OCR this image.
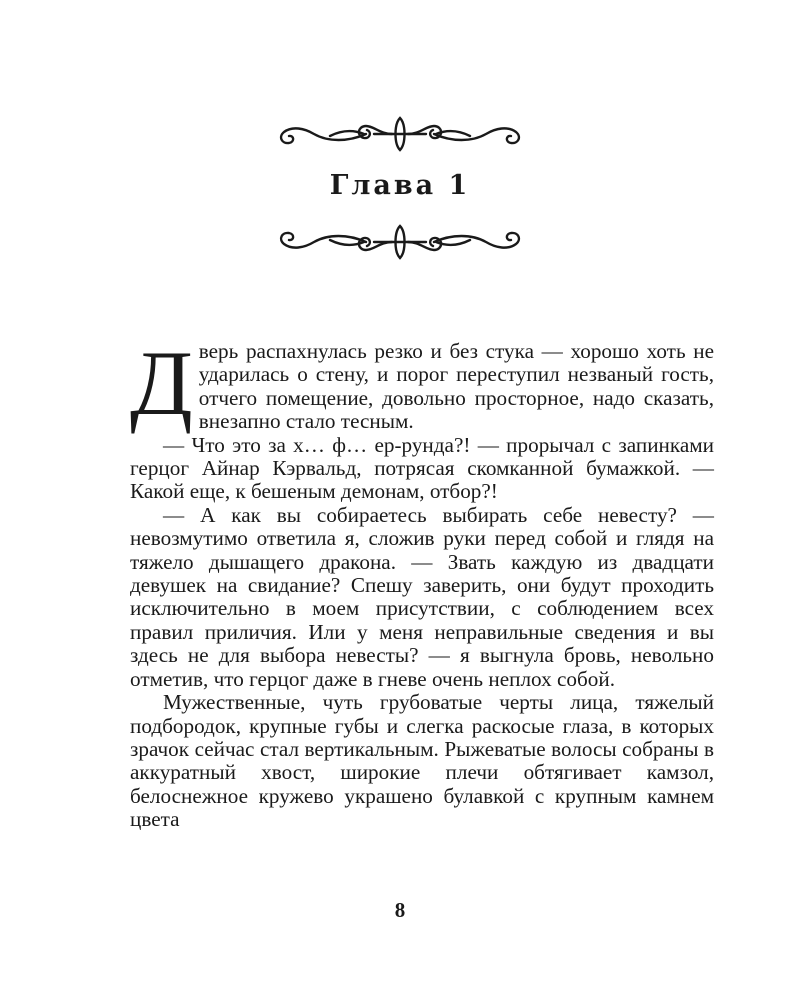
Глава 1

Дверь распахнулась резко и без стука — хорошо хоть не ударилась о стену, и порог переступил незваный гость, отчего помещение, довольно просторное, надо сказать, внезапно стало тесным.

— Что это за х… ф… ер-рунда?! — прорычал с запинками герцог Айнар Кэрвальд, потрясая скомканной бумажкой. — Какой еще, к бешеным демонам, отбор?!

— А как вы собираетесь выбирать себе невесту? — невозмутимо ответила я, сложив руки перед собой и глядя на тяжело дышащего дракона. — Звать каждую из двадцати девушек на свидание? Спешу заверить, они будут проходить исключительно в моем присутствии, с соблюдением всех правил приличия. Или у меня неправильные сведения и вы здесь не для выбора невесты? — я выгнула бровь, невольно отметив, что герцог даже в гневе очень неплох собой.

Мужественные, чуть грубоватые черты лица, тяжелый подбородок, крупные губы и слегка раскосые глаза, в которых зрачок сейчас стал вертикальным. Рыжеватые волосы собраны в аккуратный хвост, широкие плечи обтягивает камзол, белоснежное кружево украшено булавкой с крупным камнем цвета

8
